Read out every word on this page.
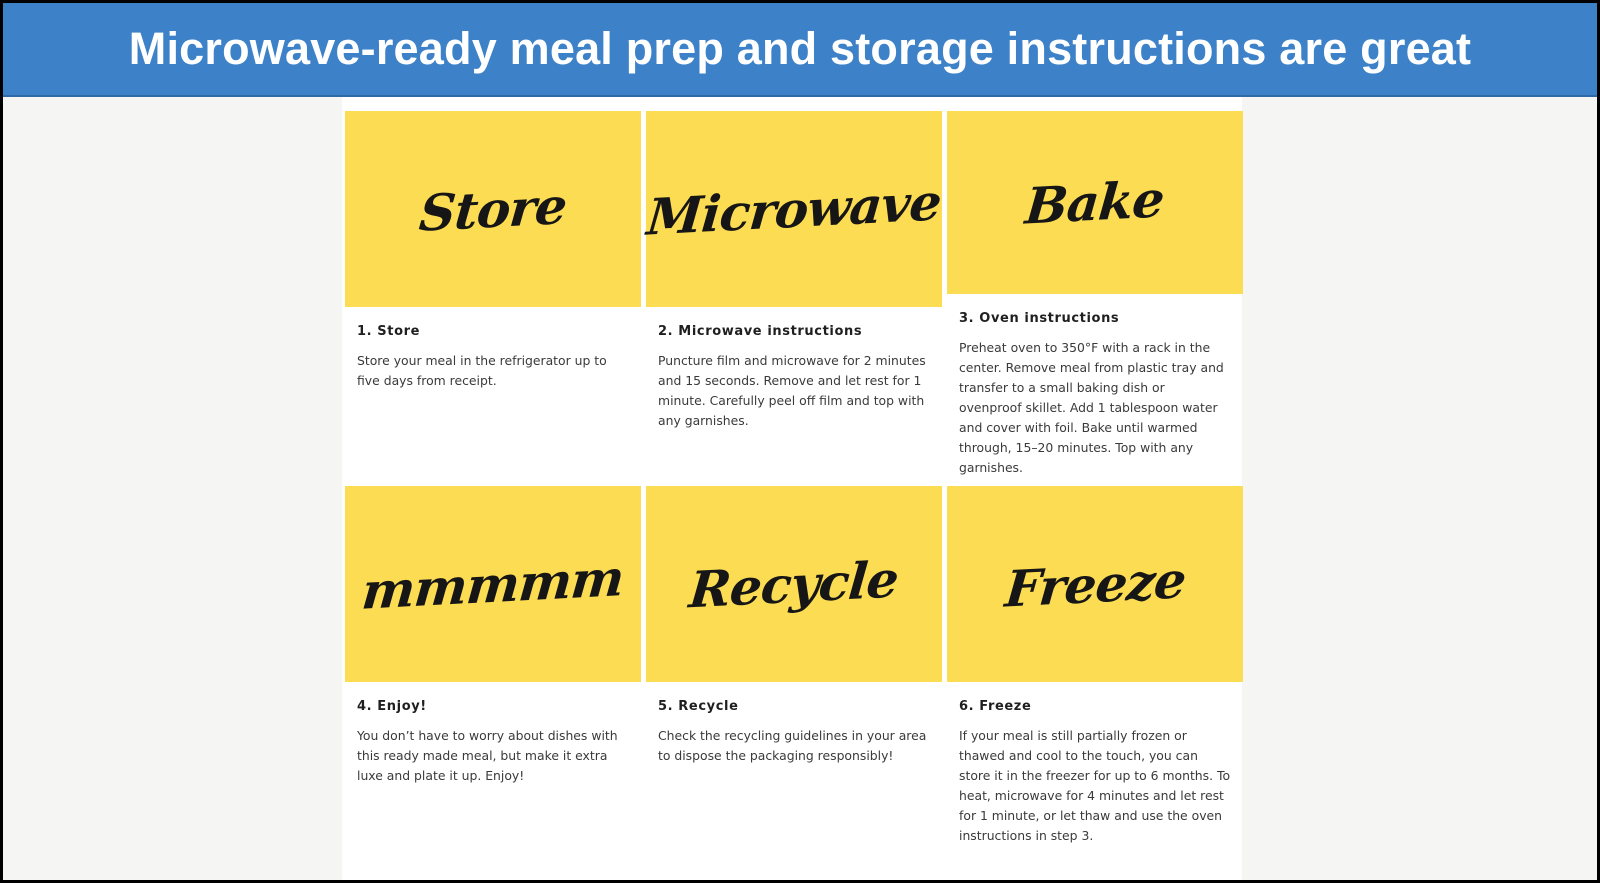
Microwave-ready meal prep and storage instructions are great
Store
1. Store
Store your meal in the refrigerator up to five days from receipt.
Microwave
2. Microwave instructions
Puncture film and microwave for 2 minutes and 15 seconds. Remove and let rest for 1 minute. Carefully peel off film and top with any garnishes.
Bake
3. Oven instructions
Preheat oven to 350°F with a rack in the center. Remove meal from plastic tray and transfer to a small baking dish or ovenproof skillet. Add 1 tablespoon water and cover with foil. Bake until warmed through, 15–20 minutes. Top with any garnishes.
mmmmm
4. Enjoy!
You don’t have to worry about dishes with this ready made meal, but make it extra luxe and plate it up. Enjoy!
Recycle
5. Recycle
Check the recycling guidelines in your area to dispose the packaging responsibly!
Freeze
6. Freeze
If your meal is still partially frozen or thawed and cool to the touch, you can store it in the freezer for up to 6 months. To heat, microwave for 4 minutes and let rest for 1 minute, or let thaw and use the oven instructions in step 3.
